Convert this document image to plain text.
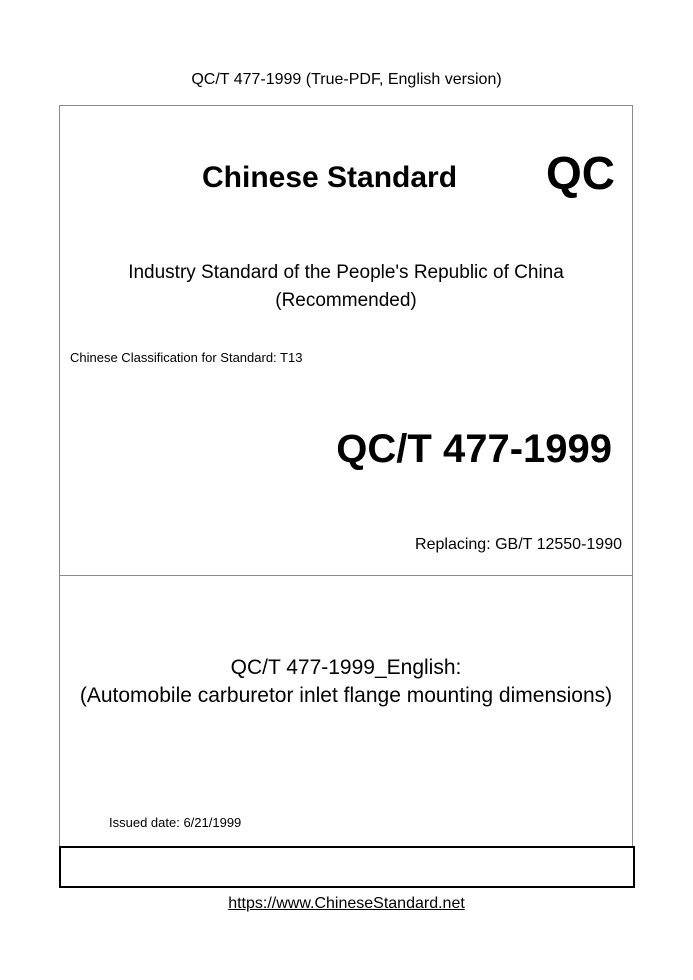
QC/T 477-1999 (True-PDF, English version)
Chinese Standard QC
Industry Standard of the People's Republic of China
(Recommended)
Chinese Classification for Standard: T13
QC/T 477-1999
Replacing: GB/T 12550-1990
QC/T 477-1999_English:
(Automobile carburetor inlet flange mounting dimensions)
Issued date: 6/21/1999
https://www.ChineseStandard.net
